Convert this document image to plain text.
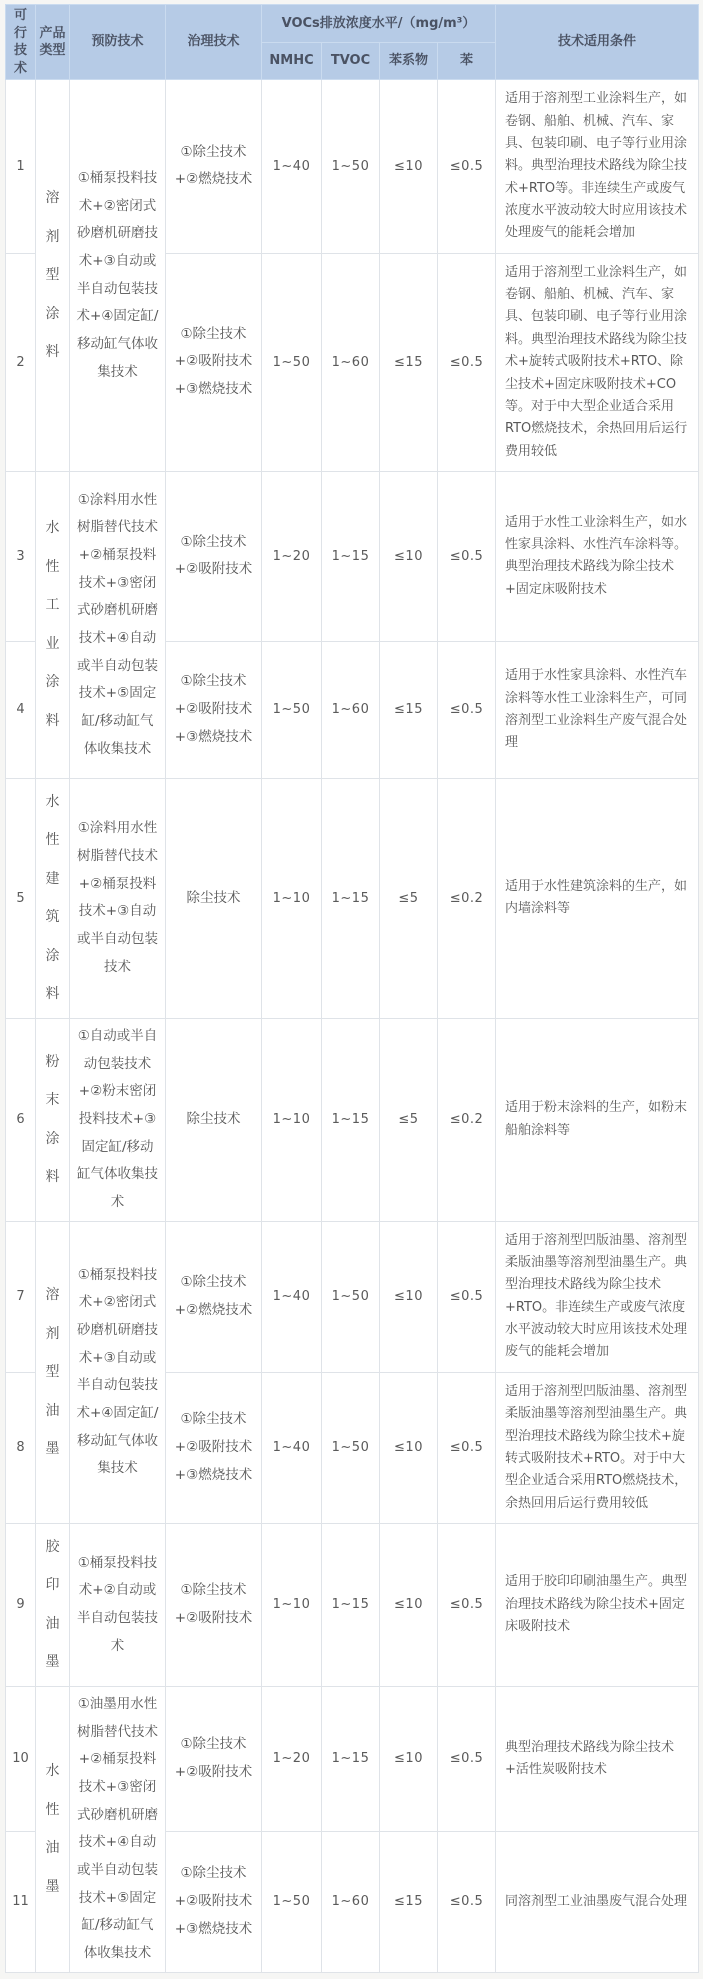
可行技术	产品类型	预防技术	治理技术	VOCs排放浓度水平/（mg/m³）				技术适用条件
				NMHC	TVOC	苯系物	苯	
1	溶剂型涂料	①桶泵投料技术+②密闭式砂磨机研磨技术+③自动或半自动包装技术+④固定缸/移动缸气体收集技术	①除尘技术+②燃烧技术	1~40	1~50	≤10	≤0.5	适用于溶剂型工业涂料生产，如卷钢、船舶、机械、汽车、家具、包装印刷、电子等行业用涂料。典型治理技术路线为除尘技术+RTO等。非连续生产或废气浓度水平波动较大时应用该技术处理废气的能耗会增加
2			①除尘技术+②吸附技术+③燃烧技术	1~50	1~60	≤15	≤0.5	适用于溶剂型工业涂料生产，如卷钢、船舶、机械、汽车、家具、包装印刷、电子等行业用涂料。典型治理技术路线为除尘技术+旋转式吸附技术+RTO、除尘技术+固定床吸附技术+CO等。对于中大型企业适合采用RTO燃烧技术，余热回用后运行费用较低
3	水性工业涂料	①涂料用水性树脂替代技术+②桶泵投料技术+③密闭式砂磨机研磨技术+④自动或半自动包装技术+⑤固定缸/移动缸气体收集技术	①除尘技术+②吸附技术	1~20	1~15	≤10	≤0.5	适用于水性工业涂料生产，如水性家具涂料、水性汽车涂料等。典型治理技术路线为除尘技术+固定床吸附技术
4			①除尘技术+②吸附技术+③燃烧技术	1~50	1~60	≤15	≤0.5	适用于水性家具涂料、水性汽车涂料等水性工业涂料生产，可同溶剂型工业涂料生产废气混合处理
5	水性建筑涂料	①涂料用水性树脂替代技术+②桶泵投料技术+③自动或半自动包装技术	除尘技术	1~10	1~15	≤5	≤0.2	适用于水性建筑涂料的生产，如内墙涂料等
6	粉末涂料	①自动或半自动包装技术+②粉末密闭投料技术+③固定缸/移动缸气体收集技术	除尘技术	1~10	1~15	≤5	≤0.2	适用于粉末涂料的生产，如粉末船舶涂料等
7	溶剂型油墨	①桶泵投料技术+②密闭式砂磨机研磨技术+③自动或半自动包装技术+④固定缸/移动缸气体收集技术	①除尘技术+②燃烧技术	1~40	1~50	≤10	≤0.5	适用于溶剂型凹版油墨、溶剂型柔版油墨等溶剂型油墨生产。典型治理技术路线为除尘技术+RTO。非连续生产或废气浓度水平波动较大时应用该技术处理废气的能耗会增加
8			①除尘技术+②吸附技术+③燃烧技术	1~40	1~50	≤10	≤0.5	适用于溶剂型凹版油墨、溶剂型柔版油墨等溶剂型油墨生产。典型治理技术路线为除尘技术+旋转式吸附技术+RTO。对于中大型企业适合采用RTO燃烧技术，余热回用后运行费用较低
9	胶印油墨	①桶泵投料技术+②自动或半自动包装技术	①除尘技术+②吸附技术	1~10	1~15	≤10	≤0.5	适用于胶印印刷油墨生产。典型治理技术路线为除尘技术+固定床吸附技术
10	水性油墨	①油墨用水性树脂替代技术+②桶泵投料技术+③密闭式砂磨机研磨技术+④自动或半自动包装技术+⑤固定缸/移动缸气体收集技术	①除尘技术+②吸附技术	1~20	1~15	≤10	≤0.5	典型治理技术路线为除尘技术+活性炭吸附技术
11			①除尘技术+②吸附技术+③燃烧技术	1~50	1~60	≤15	≤0.5	同溶剂型工业油墨废气混合处理
